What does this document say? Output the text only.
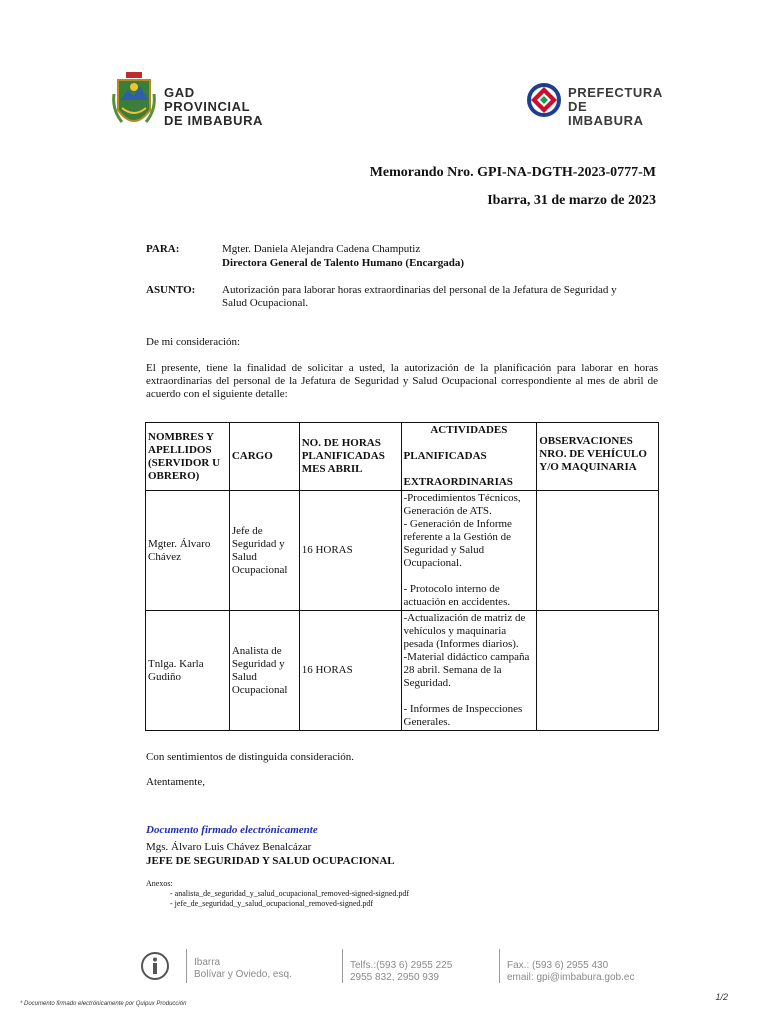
GAD PROVINCIAL
DE IMBABURA
PREFECTURA
DE IMBABURA
Memorando Nro. GPI-NA-DGTH-2023-0777-M
Ibarra, 31 de marzo de 2023
PARA:	Mgter. Daniela Alejandra Cadena Champutiz
Directora General de Talento Humano (Encargada)
ASUNTO: Autorización para laborar horas extraordinarias del personal de la Jefatura de Seguridad y Salud Ocupacional.
De mi consideración:
El presente, tiene la finalidad de solicitar a usted, la autorización de la planificación para laborar en horas extraordinarias del personal de la Jefatura de Seguridad y Salud Ocupacional correspondiente al mes de abril de acuerdo con el siguiente detalle:
NOMBRES Y APELLIDOS (SERVIDOR U OBRERO)	CARGO	NO. DE HORAS PLANIFICADAS MES ABRIL	ACTIVIDADES
PLANIFICADAS
EXTRAORDINARIAS	OBSERVACIONES NRO. DE VEHÍCULO Y/O MAQUINARIA
Mgter. Álvaro Chávez	Jefe de Seguridad y Salud Ocupacional	16 HORAS	-Procedimientos Técnicos, Generación de ATS.
- Generación de Informe referente a la Gestión de Seguridad y Salud Ocupacional.
- Protocolo interno de actuación en accidentes.	

Tnlga. Karla Gudiño	Analista de Seguridad y Salud Ocupacional	16 HORAS	-Actualización de matriz de vehículos y maquinaria pesada (Informes diarios).
-Material didáctico campaña 28 abril. Semana de la Seguridad.
- Informes de Inspecciones Generales.	

Con sentimientos de distinguida consideración.
Atentamente,
Documento firmado electrónicamente
Mgs. Álvaro Luis Chávez Benalcázar
JEFE DE SEGURIDAD Y SALUD OCUPACIONAL
Anexos:
- analista_de_seguridad_y_salud_ocupacional_removed-signed-signed.pdf
- jefe_de_seguridad_y_salud_ocupacional_removed-signed.pdf
Ibarra
Bolívar y Oviedo, esq.
Telfs.:(593 6) 2955 225
2955 832, 2950 939
Fax.: (593 6) 2955 430
email: gpi@imbabura.gob.ec
* Documento firmado electrónicamente por Quipux Producción
1/2
